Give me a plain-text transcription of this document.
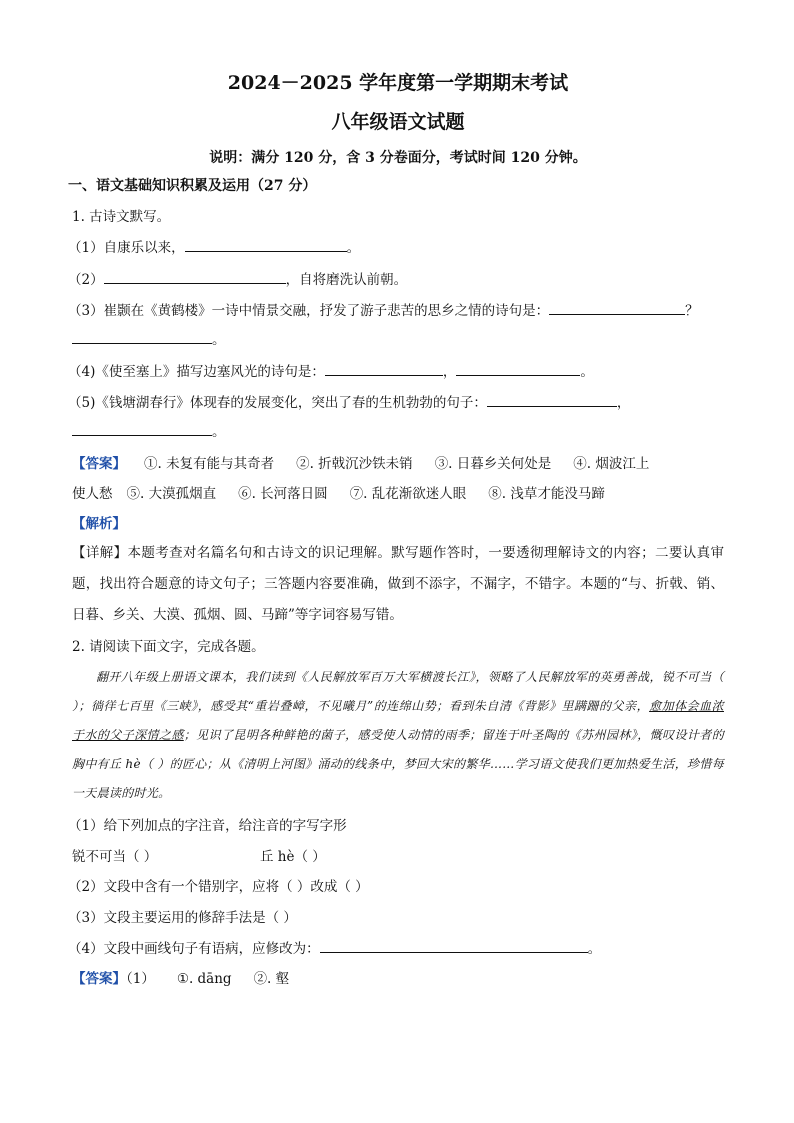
2024－2025 学年度第一学期期末考试
八年级语文试题
说明：满分 120 分，含 3 分卷面分，考试时间 120 分钟。
一、语文基础知识积累及运用（27 分）
1. 古诗文默写。
（1）自康乐以来，	。
（2）	，自将磨洗认前朝。
（3）崔颢在《黄鹤楼》一诗中情景交融，抒发了游子悲苦的思乡之情的诗句是：	？
。
（4)《使至塞上》描写边塞风光的诗句是：	，	。
（5)《钱塘湖春行》体现春的发展变化，突出了春的生机勃勃的句子：	，
。
【答案】 ①. 未复有能与其奇者 ②. 折戟沉沙铁未销 ③. 日暮乡关何处是 ④. 烟波江上
使人愁 ⑤. 大漠孤烟直 ⑥. 长河落日圆 ⑦. 乱花渐欲迷人眼 ⑧. 浅草才能没马蹄
【解析】
【详解】本题考查对名篇名句和古诗文的识记理解。默写题作答时，一要透彻理解诗文的内容；二要认真审题，找出符合题意的诗文句子；三答题内容要准确，做到不添字，不漏字，不错字。本题的“与、折戟、销、日暮、乡关、大漠、孤烟、圆、马蹄”等字词容易写错。
2. 请阅读下面文字，完成各题。
翻开八年级上册语文课本，我们读到《人民解放军百万大军横渡长江》，领略了人民解放军的英勇善战，锐不可当（ ）；徜徉七百里《三峡》，感受其“重岩叠嶂，不见曦月”的连绵山势；看到朱自清《背影》里蹒跚的父亲，愈加体会血浓于水的父子深情之感；见识了昆明各种鲜艳的菌子，感受使人动情的雨季；留连于叶圣陶的《苏州园林》，慨叹设计者的胸中有丘 hè（ ）的匠心；从《清明上河图》涌动的线条中，梦回大宋的繁华……学习语文使我们更加热爱生活，珍惜每一天晨读的时光。
（1）给下列加点的字注音，给注音的字写字形
锐不可当（ ）	丘 hè（ ）
（2）文段中含有一个错别字，应将（ ）改成（ ）
（3）文段主要运用的修辞手法是（ ）
（4）文段中画线句子有语病，应修改为：	。
【答案】（1） ①. dāng ②. 壑
